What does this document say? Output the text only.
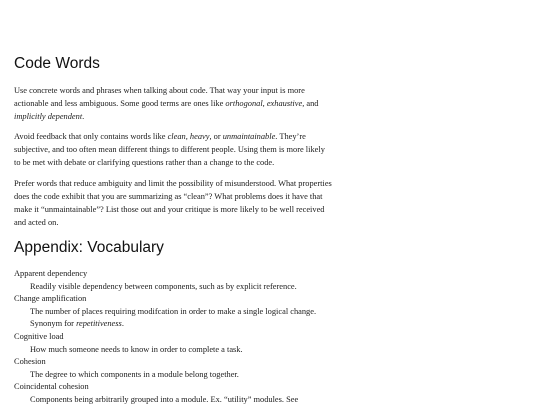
Code Words

Use concrete words and phrases when talking about code. That way your input is more actionable and less ambiguous. Some good terms are ones like orthogonal, exhaustive, and implicitly dependent.

Avoid feedback that only contains words like clean, heavy, or unmaintainable. They’re subjective, and too often mean different things to different people. Using them is more likely to be met with debate or clarifying questions rather than a change to the code.

Prefer words that reduce ambiguity and limit the possibility of misunderstood. What properties does the code exhibit that you are summarizing as “clean”? What problems does it have that make it “unmaintainable”? List those out and your critique is more likely to be well received and acted on.

Appendix: Vocabulary
Apparent dependency
Readily visible dependency between components, such as by explicit reference.
Change amplification
The number of places requiring modifcation in order to make a single logical change. Synonym for repetitiveness.
Cognitive load
How much someone needs to know in order to complete a task.
Cohesion
The degree to which components in a module belong together.
Coincidental cohesion
Components being arbitrarily grouped into a module. Ex. “utility” modules. See
